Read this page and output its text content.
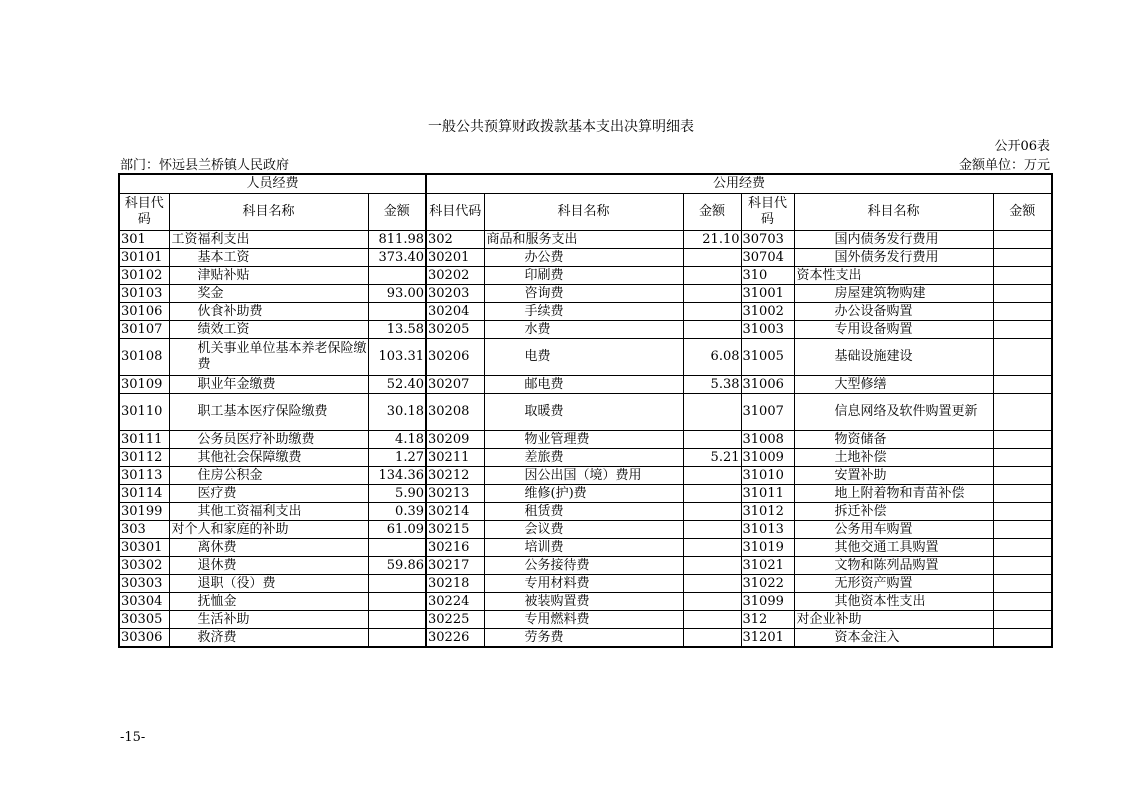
一般公共预算财政拨款基本支出决算明细表
公开06表
部门：怀远县兰桥镇人民政府	金额单位：万元
人员经费			公用经费					
科目代码	科目名称	金额	科目代码	科目名称	金额	科目代码	科目名称	金额
301	工资福利支出	811.98	302	商品和服务支出	21.10	30703	国内债务发行费用	
30101	基本工资	373.40	30201	办公费		30704	国外债务发行费用	
30102	津贴补贴		30202	印刷费		310	资本性支出	
30103	奖金	93.00	30203	咨询费		31001	房屋建筑物购建	
30106	伙食补助费		30204	手续费		31002	办公设备购置	
30107	绩效工资	13.58	30205	水费		31003	专用设备购置	
30108	机关事业单位基本养老保险缴费	103.31	30206	电费	6.08	31005	基础设施建设	
30109	职业年金缴费	52.40	30207	邮电费	5.38	31006	大型修缮	
30110	职工基本医疗保险缴费	30.18	30208	取暖费		31007	信息网络及软件购置更新	
30111	公务员医疗补助缴费	4.18	30209	物业管理费		31008	物资储备	
30112	其他社会保障缴费	1.27	30211	差旅费	5.21	31009	土地补偿	
30113	住房公积金	134.36	30212	因公出国（境）费用		31010	安置补助	
30114	医疗费	5.90	30213	维修(护)费		31011	地上附着物和青苗补偿	
30199	其他工资福利支出	0.39	30214	租赁费		31012	拆迁补偿	
303	对个人和家庭的补助	61.09	30215	会议费		31013	公务用车购置	
30301	离休费		30216	培训费		31019	其他交通工具购置	
30302	退休费	59.86	30217	公务接待费		31021	文物和陈列品购置	
30303	退职（役）费		30218	专用材料费		31022	无形资产购置	
30304	抚恤金		30224	被装购置费		31099	其他资本性支出	
30305	生活补助		30225	专用燃料费		312	对企业补助	
30306	救济费		30226	劳务费		31201	资本金注入	
-15-
